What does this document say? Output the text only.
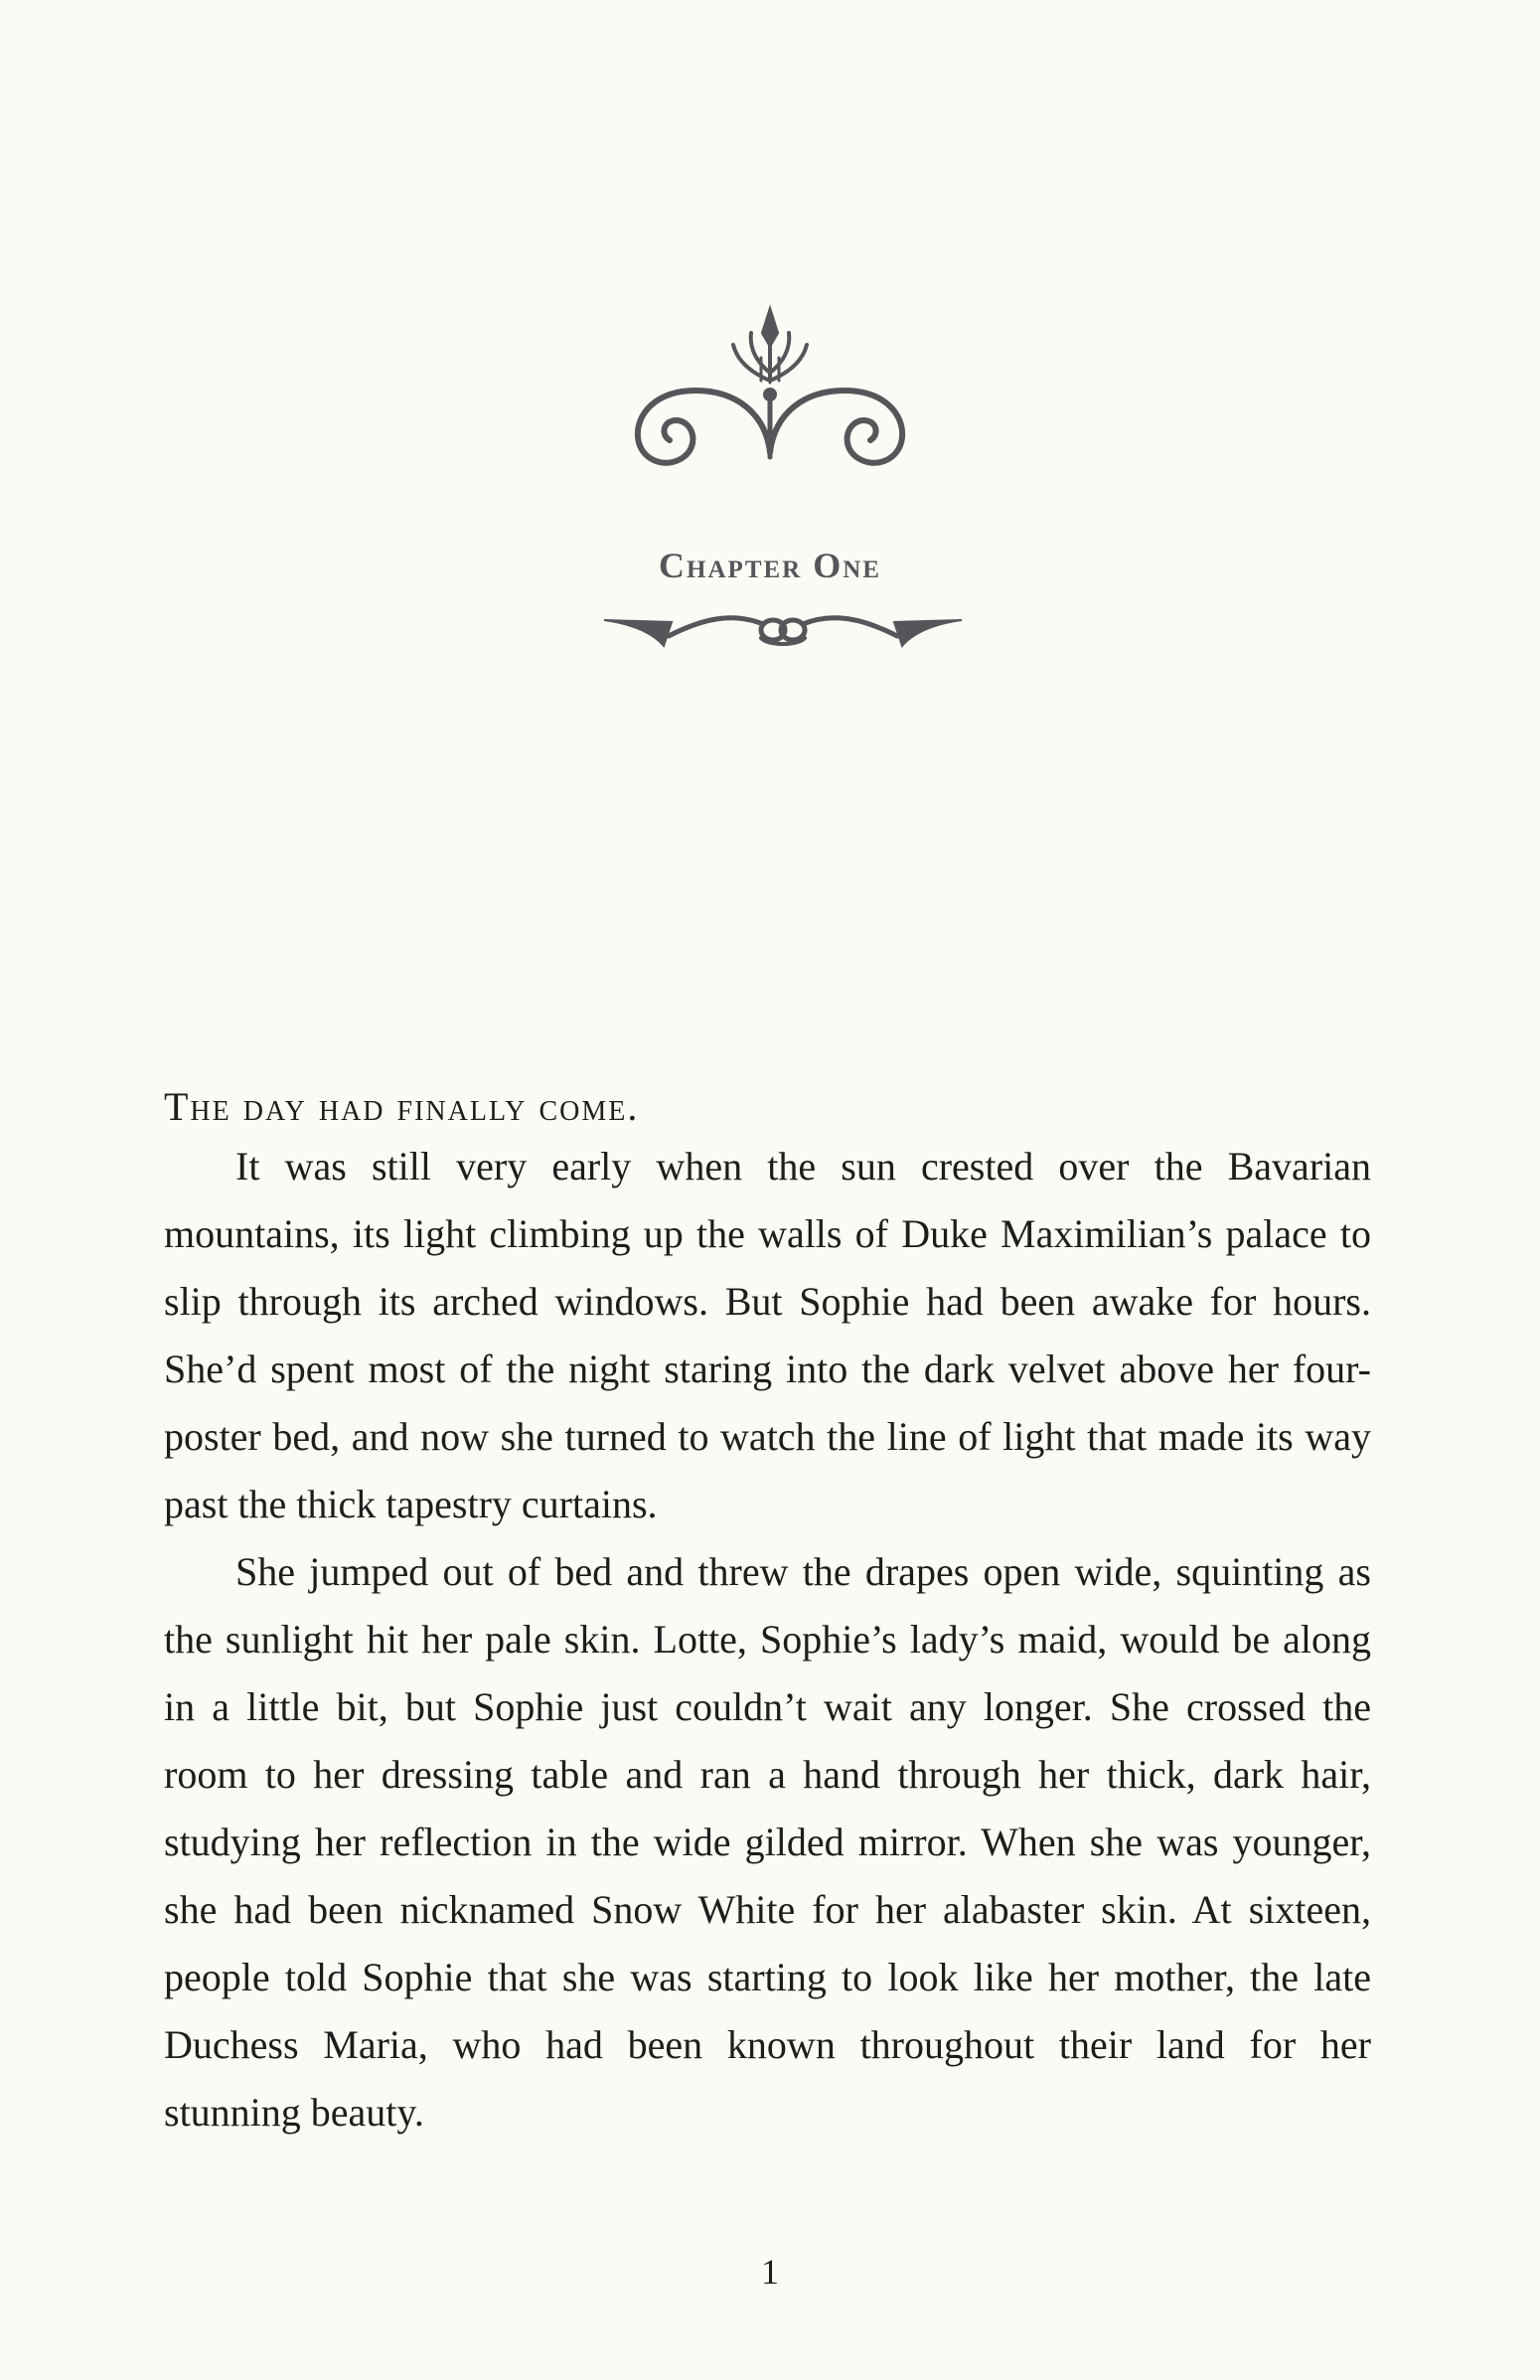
Chapter One
The day had finally come.

It was still very early when the sun crested over the Bavarian mountains, its light climbing up the walls of Duke Maximilian’s palace to slip through its arched windows. But Sophie had been awake for hours. She’d spent most of the night staring into the dark velvet above her four-poster bed, and now she turned to watch the line of light that made its way past the thick tapestry curtains.

She jumped out of bed and threw the drapes open wide, squinting as the sunlight hit her pale skin. Lotte, Sophie’s lady’s maid, would be along in a little bit, but Sophie just couldn’t wait any longer. She crossed the room to her dressing table and ran a hand through her thick, dark hair, studying her reflection in the wide gilded mirror. When she was younger, she had been nicknamed Snow White for her alabaster skin. At sixteen, people told Sophie that she was starting to look like her mother, the late Duchess Maria, who had been known throughout their land for her stunning beauty.

1
